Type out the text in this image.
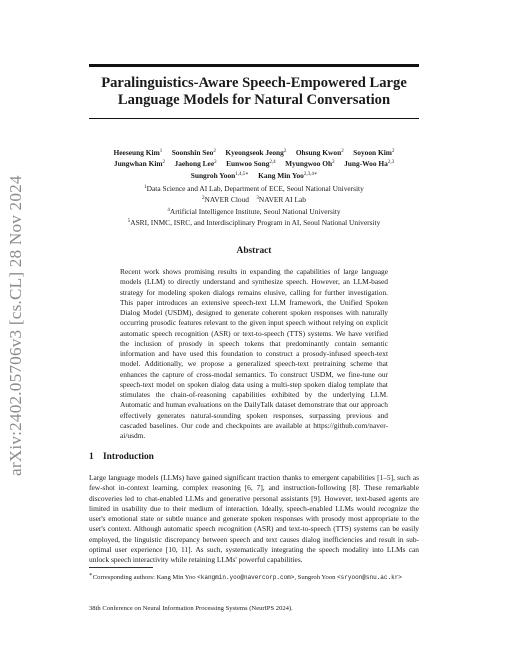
arXiv:2402.05706v3 [cs.CL] 28 Nov 2024
Paralinguistics-Aware Speech-Empowered Large
Language Models for Natural Conversation
Heeseung Kim$^1$ Soonshin Seo$^2$ Kyeongseok Jeong$^2$ Ohsung Kwon$^2$ Soyoon Kim$^2$
Jungwhan Kim$^2$ Jaehong Lee$^2$ Eunwoo Song$^{2,4}$ Myungwoo Oh$^2$ Jung-Woo Ha$^{2,3}$
Sungroh Yoon$^{1,4,5∗}$ Kang Min Yoo$^{2,3,4∗}$
$^1$Data Science and AI Lab, Department of ECE, Seoul National University
$^2$NAVER Cloud    $^3$NAVER AI Lab
$^4$Artificial Intelligence Institute, Seoul National University
$^5$ASRI, INMC, ISRC, and Interdisciplinary Program in AI, Seoul National University
Abstract

Recent work shows promising results in expanding the capabilities of large language models (LLM) to directly understand and synthesize speech. However, an LLM-based strategy for modeling spoken dialogs remains elusive, calling for further investigation. This paper introduces an extensive speech-text LLM framework, the Unified Spoken Dialog Model (USDM), designed to generate coherent spoken responses with naturally occurring prosodic features relevant to the given input speech without relying on explicit automatic speech recognition (ASR) or text-to-speech (TTS) systems. We have verified the inclusion of prosody in speech tokens that predominantly contain semantic information and have used this foundation to construct a prosody-infused speech-text model. Additionally, we propose a generalized speech-text pretraining scheme that enhances the capture of cross-modal semantics. To construct USDM, we fine-tune our speech-text model on spoken dialog data using a multi-step spoken dialog template that stimulates the chain-of-reasoning capabilities exhibited by the underlying LLM. Automatic and human evaluations on the DailyTalk dataset demonstrate that our approach effectively generates natural-sounding spoken responses, surpassing previous and cascaded baselines. Our code and checkpoints are available at https://github.com/naver-ai/usdm.

1 Introduction

Large language models (LLMs) have gained significant traction thanks to emergent capabilities [1–5], such as few-shot in-context learning, complex reasoning [6, 7], and instruction-following [8]. These remarkable discoveries led to chat-enabled LLMs and generative personal assistants [9]. However, text-based agents are limited in usability due to their medium of interaction. Ideally, speech-enabled LLMs would recognize the user's emotional state or subtle nuance and generate spoken responses with prosody most appropriate to the user's context. Although automatic speech recognition (ASR) and text-to-speech (TTS) systems can be easily employed, the linguistic discrepancy between speech and text causes dialog inefficiencies and result in sub-optimal user experience [10, 11]. As such, systematically integrating the speech modality into LLMs can unlock speech interactivity while retaining LLMs' powerful capabilities.

∗Corresponding authors: Kang Min Yoo <kangmin.yoo@navercorp.com>, Sungroh Yoon <sryoon@snu.ac.kr>

38th Conference on Neural Information Processing Systems (NeurIPS 2024).
